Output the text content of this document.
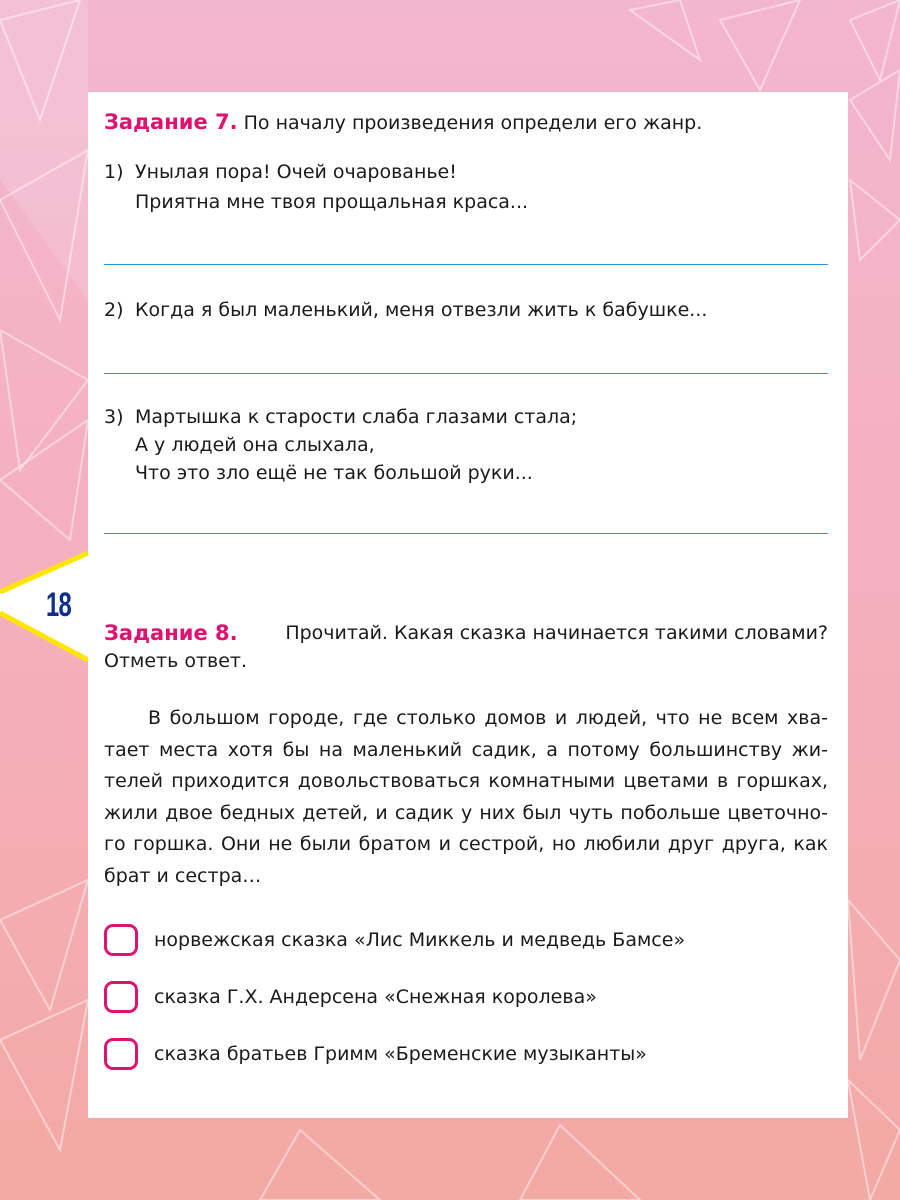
18
Задание 7. По началу произведения определи его жанр.
1) Унылая пора! Очей очарованье!
Приятна мне твоя прощальная краса...
2) Когда я был маленький, меня отвезли жить к бабушке...
3) Мартышка к старости слаба глазами стала;
А у людей она слыхала,
Что это зло ещё не так большой руки...
Задание 8.	Прочитай. Какая сказка начинается такими словами?
Отметь ответ.
В большом городе, где столько домов и людей, что не всем хва-
тает места хотя бы на маленький садик, а потому большинству жи-
телей приходится довольствоваться комнатными цветами в горшках,
жили двое бедных детей, и садик у них был чуть побольше цветочно-
го горшка. Они не были братом и сестрой, но любили друг друга, как
брат и сестра…
норвежская сказка «Лис Миккель и медведь Бамсе»
сказка Г.Х. Андерсена «Снежная королева»
сказка братьев Гримм «Бременские музыканты»
